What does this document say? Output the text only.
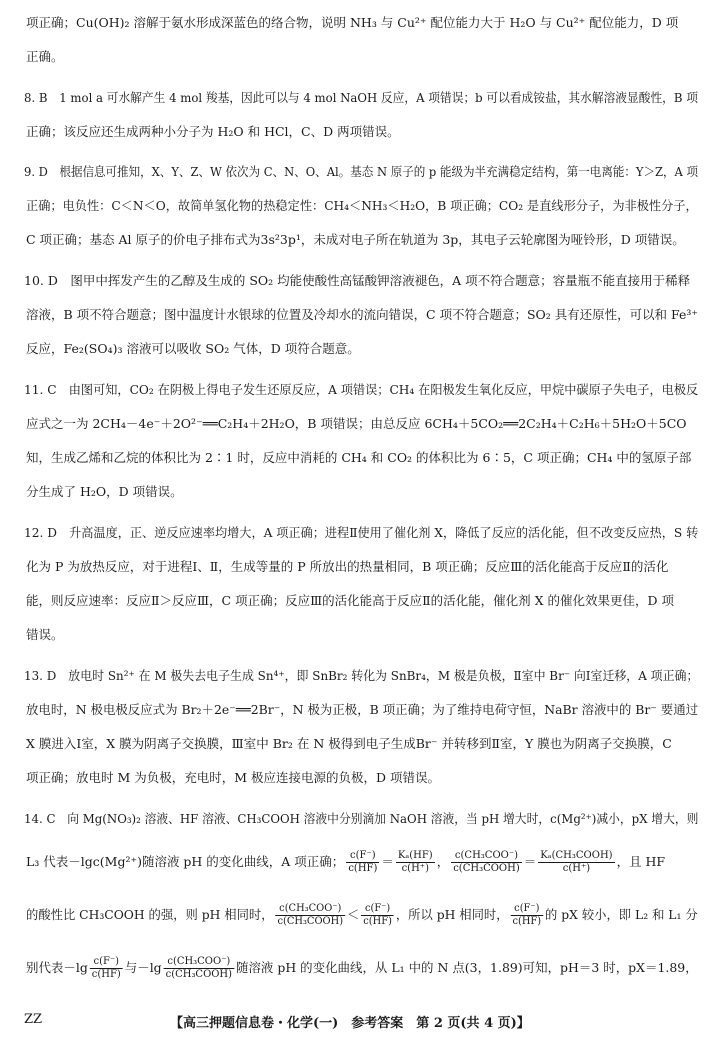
项正确；Cu(OH)₂ 溶解于氨水形成深蓝色的络合物，说明 NH₃ 与 Cu²⁺ 配位能力大于 H₂O 与 Cu²⁺ 配位能力，D 项
正确。
8. B　1 mol a 可水解产生 4 mol 羧基，因此可以与 4 mol NaOH 反应，A 项错误；b 可以看成铵盐，其水解溶液显酸性，B 项
正确；该反应还生成两种小分子为 H₂O 和 HCl，C、D 两项错误。
9. D　根据信息可推知，X、Y、Z、W 依次为 C、N、O、Al。基态 N 原子的 p 能级为半充满稳定结构，第一电离能：Y＞Z，A 项
正确；电负性：C＜N＜O，故简单氢化物的热稳定性：CH₄＜NH₃＜H₂O，B 项正确；CO₂ 是直线形分子，为非极性分子，
C 项正确；基态 Al 原子的价电子排布式为3s²3p¹，未成对电子所在轨道为 3p，其电子云轮廓图为哑铃形，D 项错误。
10. D　图甲中挥发产生的乙醇及生成的 SO₂ 均能使酸性高锰酸钾溶液褪色，A 项不符合题意；容量瓶不能直接用于稀释
溶液，B 项不符合题意；图中温度计水银球的位置及冷却水的流向错误，C 项不符合题意；SO₂ 具有还原性，可以和 Fe³⁺
反应，Fe₂(SO₄)₃ 溶液可以吸收 SO₂ 气体，D 项符合题意。
11. C　由图可知，CO₂ 在阴极上得电子发生还原反应，A 项错误；CH₄ 在阳极发生氧化反应，甲烷中碳原子失电子，电极反
应式之一为 2CH₄－4e⁻＋2O²⁻══C₂H₄＋2H₂O，B 项错误；由总反应 6CH₄＋5CO₂══2C₂H₄＋C₂H₆＋5H₂O＋5CO
知，生成乙烯和乙烷的体积比为 2∶1 时，反应中消耗的 CH₄ 和 CO₂ 的体积比为 6∶5，C 项正确；CH₄ 中的氢原子部
分生成了 H₂O，D 项错误。
12. D　升高温度，正、逆反应速率均增大，A 项正确；进程Ⅱ使用了催化剂 X，降低了反应的活化能，但不改变反应热，S 转
化为 P 为放热反应，对于进程Ⅰ、Ⅱ，生成等量的 P 所放出的热量相同，B 项正确；反应Ⅲ的活化能高于反应Ⅱ的活化
能，则反应速率：反应Ⅱ＞反应Ⅲ，C 项正确；反应Ⅲ的活化能高于反应Ⅱ的活化能，催化剂 X 的催化效果更佳，D 项
错误。
13. D　放电时 Sn²⁺ 在 M 极失去电子生成 Sn⁴⁺，即 SnBr₂ 转化为 SnBr₄，M 极是负极，Ⅱ室中 Br⁻ 向Ⅰ室迁移，A 项正确；
放电时，N 极电极反应式为 Br₂＋2e⁻══2Br⁻，N 极为正极，B 项正确；为了维持电荷守恒，NaBr 溶液中的 Br⁻ 要通过
X 膜进入Ⅰ室，X 膜为阴离子交换膜，Ⅲ室中 Br₂ 在 N 极得到电子生成Br⁻ 并转移到Ⅱ室，Y 膜也为阴离子交换膜，C
项正确；放电时 M 为负极，充电时，M 极应连接电源的负极，D 项错误。
14. C　向 Mg(NO₃)₂ 溶液、HF 溶液、CH₃COOH 溶液中分别滴加 NaOH 溶液，当 pH 增大时，c(Mg²⁺)减小，pX 增大，则
L₃ 代表－lgc(Mg²⁺)随溶液 pH 的变化曲线，A 项正确； $\frac{c(F^-)}{c(HF)} = \frac{\text{Kₐ(HF)}}{c(H^+)}$ ， $\frac{\text{c(CH₃COO⁻)}}{\text{c(CH₃COOH)}} = \frac{\text{Kₐ(CH₃COOH)}}{c(H^+)}$ ，且 HF
的酸性比 CH₃COOH 的强，则 pH 相同时， $\frac{\text{c(CH₃COO⁻)}}{\text{c(CH₃COOH)}} < \frac{c(F^-)}{c(HF)}$ ，所以 pH 相同时， $\frac{c(F^-)}{c(HF)}$ 的 pX 较小，即 L₂ 和 L₁ 分
别代表$-\lg \frac{c(F^-)}{c(HF)}$ 与$-\lg \frac{\text{c(CH₃COO⁻)}}{\text{c(CH₃COOH)}}$ 随溶液 pH 的变化曲线，从 L₁ 中的 N 点(3，1.89)可知，pH＝3 时，pX＝1.89，
ZZ	【高三押题信息卷・化学(一)　参考答案　第 2 页(共 4 页)】
